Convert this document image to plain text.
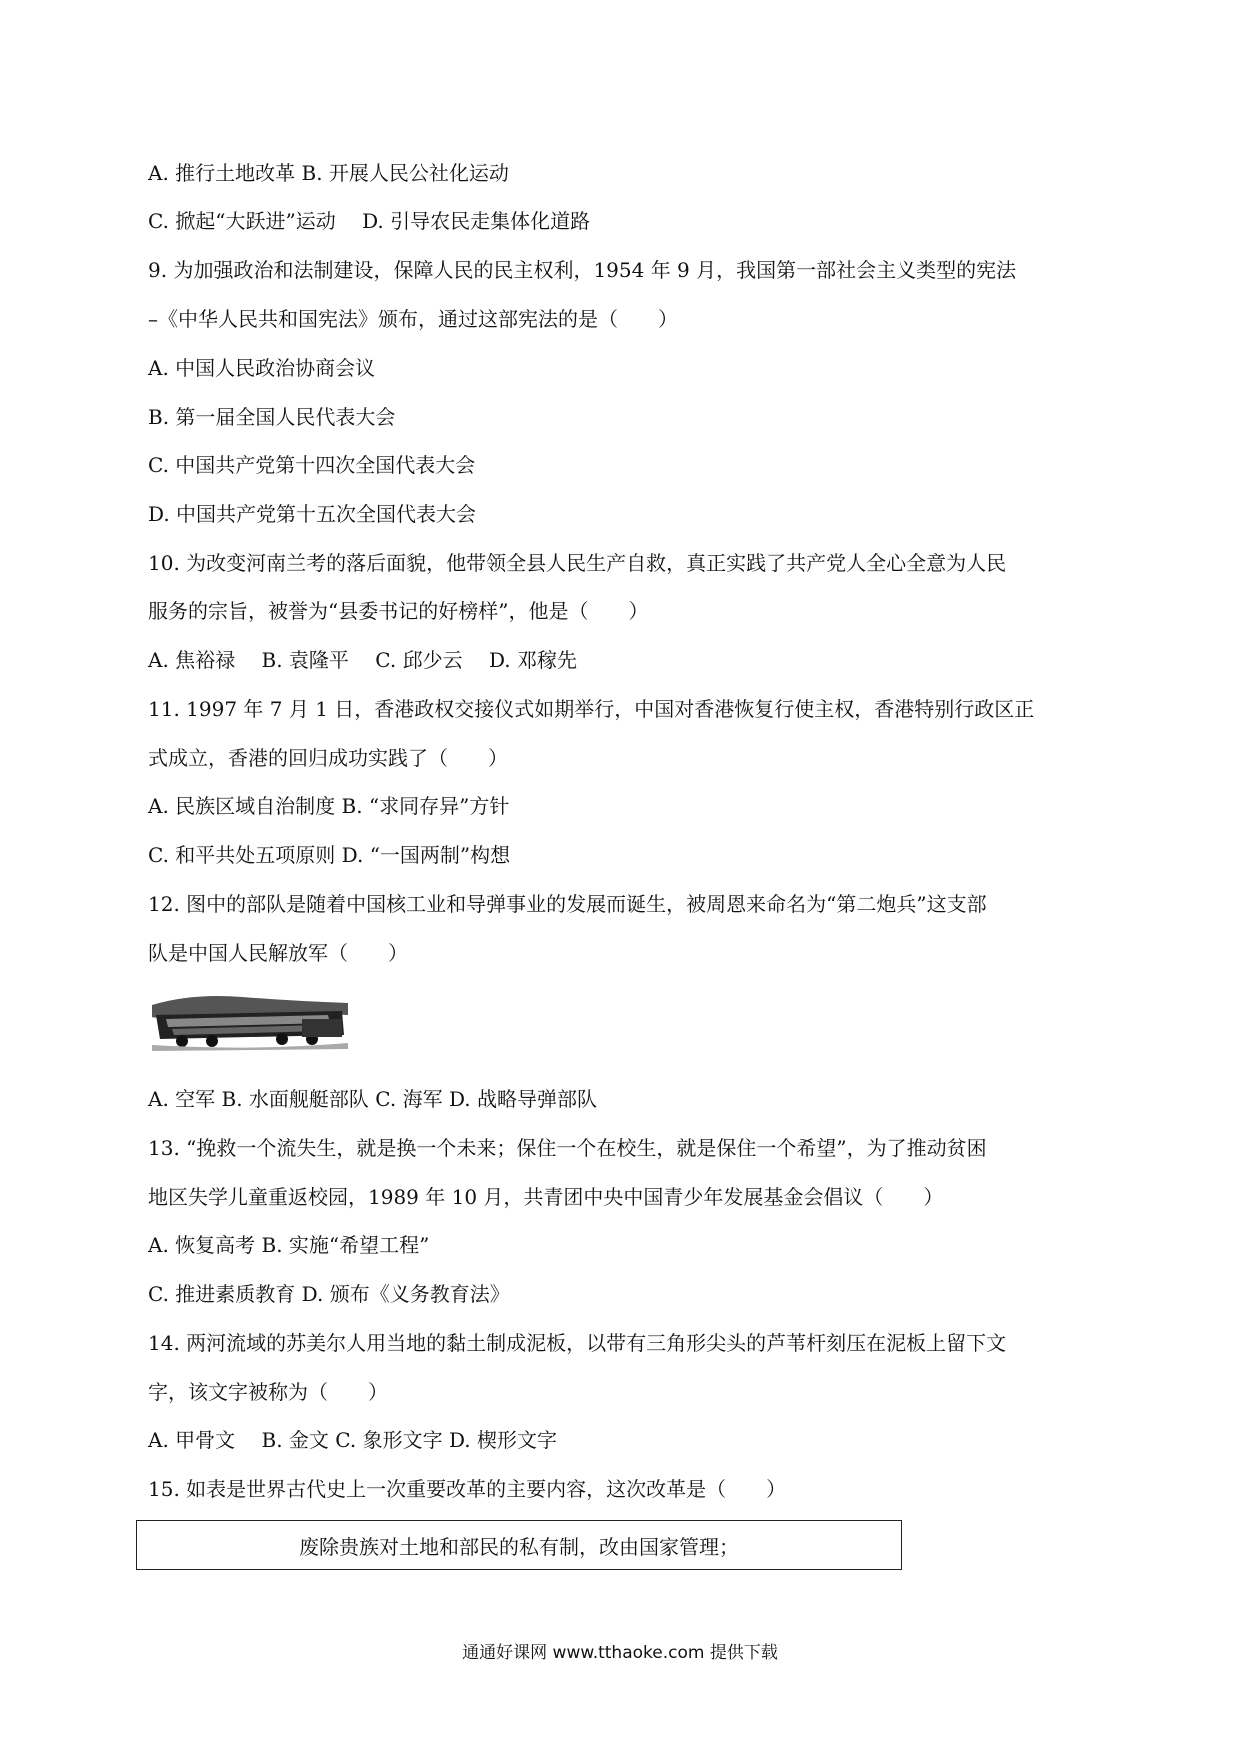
A. 推行土地改革 B. 开展人民公社化运动
C. 掀起“大跃进”运动 　D. 引导农民走集体化道路
9. 为加强政治和法制建设，保障人民的民主权利，1954 年 9 月，我国第一部社会主义类型的宪法
–《中华人民共和国宪法》颁布，通过这部宪法的是（　　）
A. 中国人民政治协商会议
B. 第一届全国人民代表大会
C. 中国共产党第十四次全国代表大会
D. 中国共产党第十五次全国代表大会
10. 为改变河南兰考的落后面貌，他带领全县人民生产自救，真正实践了共产党人全心全意为人民
服务的宗旨，被誉为“县委书记的好榜样”，他是（　　）
A. 焦裕禄　 B. 袁隆平　 C. 邱少云　 D. 邓稼先
11. 1997 年 7 月 1 日，香港政权交接仪式如期举行，中国对香港恢复行使主权，香港特别行政区正
式成立，香港的回归成功实践了（　　）
A. 民族区域自治制度 B. “求同存异”方针
C. 和平共处五项原则 D. “一国两制”构想
12. 图中的部队是随着中国核工业和导弹事业的发展而诞生，被周恩来命名为“第二炮兵”这支部
队是中国人民解放军（　　）
A. 空军 B. 水面舰艇部队 C. 海军 D. 战略导弹部队
13. “挽救一个流失生，就是换一个未来；保住一个在校生，就是保住一个希望”，为了推动贫困
地区失学儿童重返校园，1989 年 10 月，共青团中央中国青少年发展基金会倡议（　　）
A. 恢复高考 B. 实施“希望工程”
C. 推进素质教育 D. 颁布《义务教育法》
14. 两河流域的苏美尔人用当地的黏土制成泥板，以带有三角形尖头的芦苇杆刻压在泥板上留下文
字，该文字被称为（　　）
A. 甲骨文　 B. 金文 C. 象形文字 D. 楔形文字
15. 如表是世界古代史上一次重要改革的主要内容，这次改革是（　　）
废除贵族对土地和部民的私有制，改由国家管理；
通通好课网 www.tthaoke.com 提供下载
